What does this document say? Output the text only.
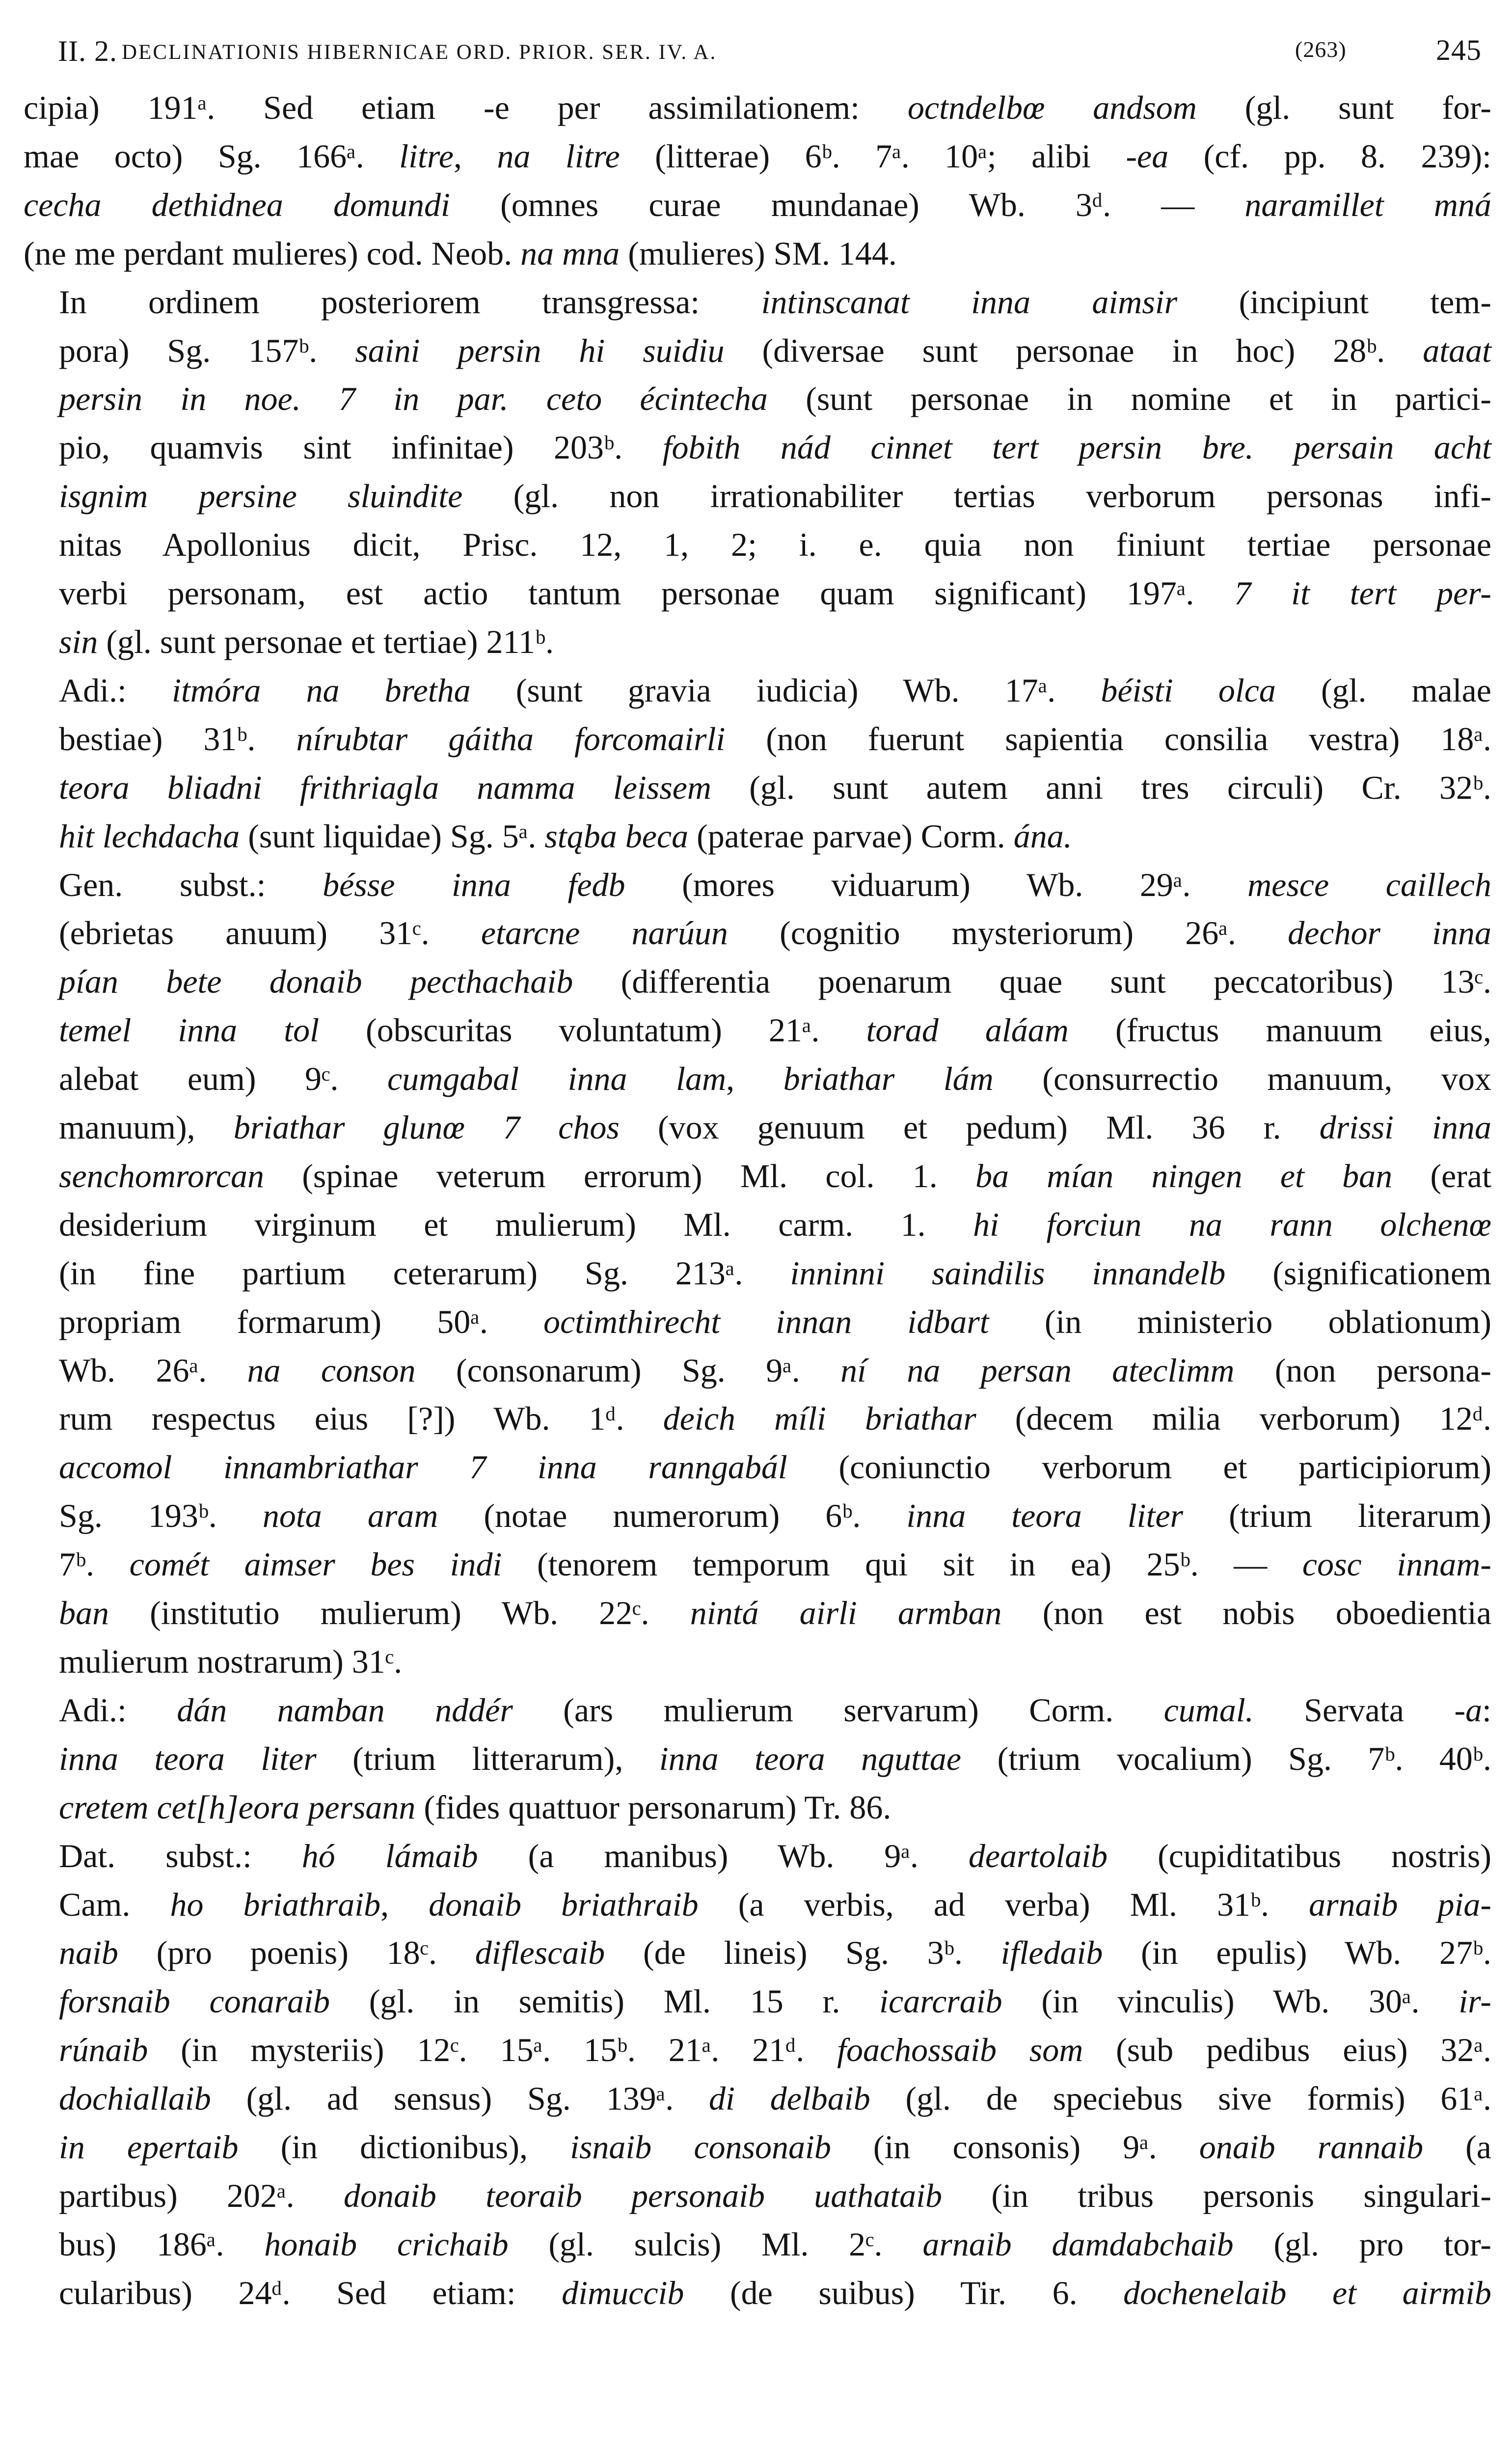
II. 2. DECLINATIONIS HIBERNICAE ORD. PRIOR. SER. IV. A.	(263)	245
cipia) 191ᵃ. Sed etiam -e per assimilationem: octndelbœ andsom (gl. sunt for-
mae octo) Sg. 166ᵃ. litre, na litre (litterae) 6ᵇ. 7ᵃ. 10ᵃ; alibi -ea (cf. pp. 8. 239):
cecha dethidnea domundi (omnes curae mundanae) Wb. 3ᵈ. — naramillet mná
(ne me perdant mulieres) cod. Neob. na mna (mulieres) SM. 144.
In ordinem posteriorem transgressa: intinscanat inna aimsir (incipiunt tem-
pora) Sg. 157ᵇ. saini persin hi suidiu (diversae sunt personae in hoc) 28ᵇ. ataat
persin in noe. 7 in par. ceto écintecha (sunt personae in nomine et in partici-
pio, quamvis sint infinitae) 203ᵇ. fobith nád cinnet tert persin bre. persain acht
isgnim persine sluindite (gl. non irrationabiliter tertias verborum personas infi-
nitas Apollonius dicit, Prisc. 12, 1, 2; i. e. quia non finiunt tertiae personae
verbi personam, est actio tantum personae quam significant) 197ᵃ. 7 it tert per-
sin (gl. sunt personae et tertiae) 211ᵇ.
Adi.: itmóra na bretha (sunt gravia iudicia) Wb. 17ᵃ. béisti olca (gl. malae
bestiae) 31ᵇ. nírubtar gáitha forcomairli (non fuerunt sapientia consilia vestra) 18ᵃ.
teora bliadni frithriagla namma leissem (gl. sunt autem anni tres circuli) Cr. 32ᵇ.
hit lechdacha (sunt liquidae) Sg. 5ᵃ. stąba beca (paterae parvae) Corm. ána.
Gen. subst.: bésse inna fedb (mores viduarum) Wb. 29ᵃ. mesce caillech
(ebrietas anuum) 31ᶜ. etarcne narúun (cognitio mysteriorum) 26ᵃ. dechor inna
pían bete donaib pecthachaib (differentia poenarum quae sunt peccatoribus) 13ᶜ.
temel inna tol (obscuritas voluntatum) 21ᵃ. torad aláam (fructus manuum eius,
alebat eum) 9ᶜ. cumgabal inna lam, briathar lám (consurrectio manuum, vox
manuum), briathar glunœ 7 chos (vox genuum et pedum) Ml. 36 r. drissi inna
senchomrorcan (spinae veterum errorum) Ml. col. 1. ba mían ningen et ban (erat
desiderium virginum et mulierum) Ml. carm. 1. hi forciun na rann olchenœ
(in fine partium ceterarum) Sg. 213ᵃ. inninni saindilis innandelb (significationem
propriam formarum) 50ᵃ. octimthirecht innan idbart (in ministerio oblationum)
Wb. 26ᵃ. na conson (consonarum) Sg. 9ᵃ. ní na persan ateclimm (non persona-
rum respectus eius [?]) Wb. 1ᵈ. deich míli briathar (decem milia verborum) 12ᵈ.
accomol innambriathar 7 inna ranngabál (coniunctio verborum et participiorum)
Sg. 193ᵇ. nota aram (notae numerorum) 6ᵇ. inna teora liter (trium literarum)
7ᵇ. comét aimser bes indi (tenorem temporum qui sit in ea) 25ᵇ. — cosc innam-
ban (institutio mulierum) Wb. 22ᶜ. nintá airli armban (non est nobis oboedientia
mulierum nostrarum) 31ᶜ.
Adi.: dán namban nddér (ars mulierum servarum) Corm. cumal. Servata -a:
inna teora liter (trium litterarum), inna teora nguttae (trium vocalium) Sg. 7ᵇ. 40ᵇ.
cretem cet[h]eora persann (fides quattuor personarum) Tr. 86.
Dat. subst.: hó lámaib (a manibus) Wb. 9ᵃ. deartolaib (cupiditatibus nostris)
Cam. ho briathraib, donaib briathraib (a verbis, ad verba) Ml. 31ᵇ. arnaib pia-
naib (pro poenis) 18ᶜ. diflescaib (de lineis) Sg. 3ᵇ. ifledaib (in epulis) Wb. 27ᵇ.
forsnaib conaraib (gl. in semitis) Ml. 15 r. icarcraib (in vinculis) Wb. 30ᵃ. ir-
rúnaib (in mysteriis) 12ᶜ. 15ᵃ. 15ᵇ. 21ᵃ. 21ᵈ. foachossaib som (sub pedibus eius) 32ᵃ.
dochiallaib (gl. ad sensus) Sg. 139ᵃ. di delbaib (gl. de speciebus sive formis) 61ᵃ.
in epertaib (in dictionibus), isnaib consonaib (in consonis) 9ᵃ. onaib rannaib (a
partibus) 202ᵃ. donaib teoraib personaib uathataib (in tribus personis singulari-
bus) 186ᵃ. honaib crichaib (gl. sulcis) Ml. 2ᶜ. arnaib damdabchaib (gl. pro tor-
cularibus) 24ᵈ. Sed etiam: dimuccib (de suibus) Tir. 6. dochenelaib et airmib
